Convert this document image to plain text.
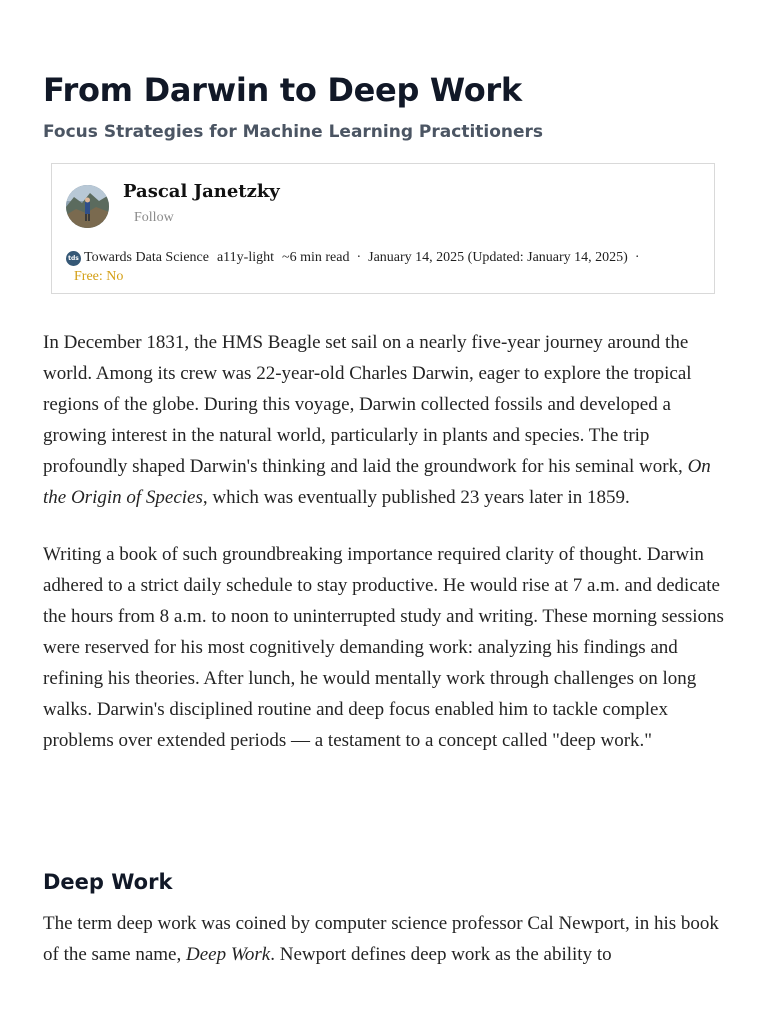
From Darwin to Deep Work
Focus Strategies for Machine Learning Practitioners
Pascal Janetzky
Follow
tds Towards Data Science a11y-light ~6 min read · January 14, 2025 (Updated: January 14, 2025) ·
Free: No

In December 1831, the HMS Beagle set sail on a nearly five-year journey around the world. Among its crew was 22-year-old Charles Darwin, eager to explore the tropical regions of the globe. During this voyage, Darwin collected fossils and developed a growing interest in the natural world, particularly in plants and species. The trip profoundly shaped Darwin's thinking and laid the groundwork for his seminal work, On the Origin of Species, which was eventually published 23 years later in 1859.

Writing a book of such groundbreaking importance required clarity of thought. Darwin adhered to a strict daily schedule to stay productive. He would rise at 7 a.m. and dedicate the hours from 8 a.m. to noon to uninterrupted study and writing. These morning sessions were reserved for his most cognitively demanding work: analyzing his findings and refining his theories. After lunch, he would mentally work through challenges on long walks. Darwin's disciplined routine and deep focus enabled him to tackle complex problems over extended periods — a testament to a concept called "deep work."

Deep Work

The term deep work was coined by computer science professor Cal Newport, in his book of the same name, Deep Work. Newport defines deep work as the ability to
